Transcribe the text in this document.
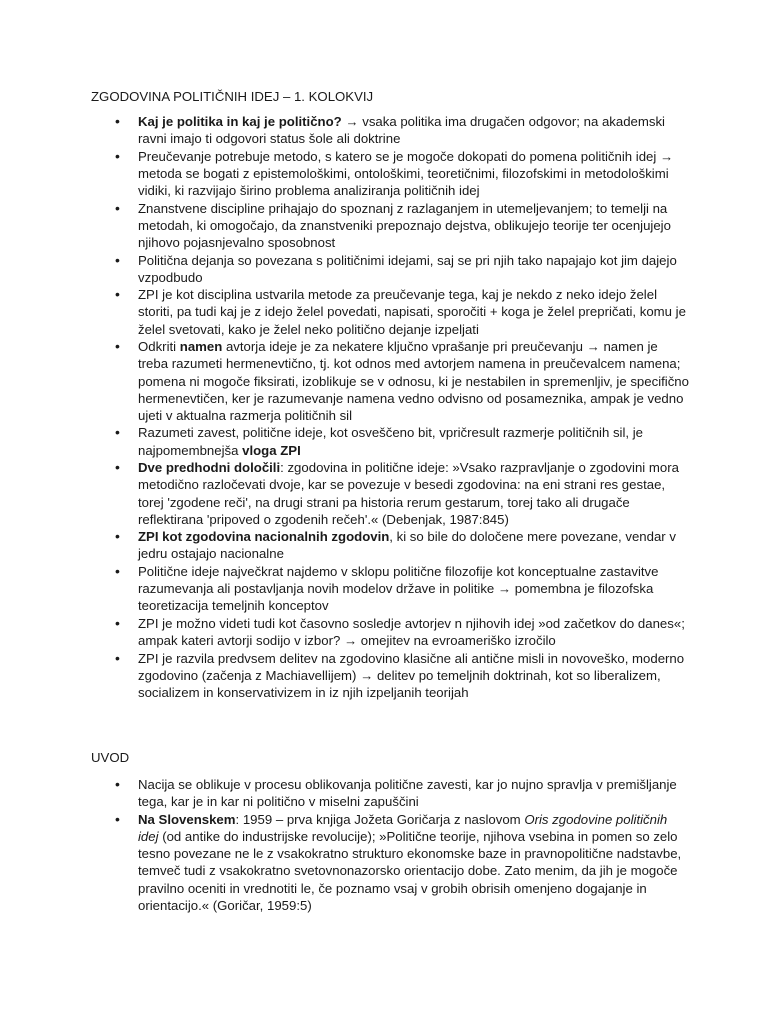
ZGODOVINA POLITIČNIH IDEJ – 1. KOLOKVIJ
• Kaj je politika in kaj je politično? → vsaka politika ima drugačen odgovor; na akademski ravni imajo ti odgovori status šole ali doktrine
• Preučevanje potrebuje metodo, s katero se je mogoče dokopati do pomena političnih idej → metoda se bogati z epistemološkimi, ontološkimi, teoretičnimi, filozofskimi in metodološkimi vidiki, ki razvijajo širino problema analiziranja političnih idej
• Znanstvene discipline prihajajo do spoznanj z razlaganjem in utemeljevanjem; to temelji na metodah, ki omogočajo, da znanstveniki prepoznajo dejstva, oblikujejo teorije ter ocenjujejo njihovo pojasnjevalno sposobnost
• Politična dejanja so povezana s političnimi idejami, saj se pri njih tako napajajo kot jim dajejo vzpodbudo
• ZPI je kot disciplina ustvarila metode za preučevanje tega, kaj je nekdo z neko idejo želel storiti, pa tudi kaj je z idejo želel povedati, napisati, sporočiti + koga je želel prepričati, komu je želel svetovati, kako je želel neko politično dejanje izpeljati
• Odkriti namen avtorja ideje je za nekatere ključno vprašanje pri preučevanju → namen je treba razumeti hermenevtično, tj. kot odnos med avtorjem namena in preučevalcem namena; pomena ni mogoče fiksirati, izoblikuje se v odnosu, ki je nestabilen in spremenljiv, je specifično hermenevtičen, ker je razumevanje namena vedno odvisno od posameznika, ampak je vedno ujeti v aktualna razmerja političnih sil
• Razumeti zavest, politične ideje, kot osveščeno bit, vpričresult razmerje političnih sil, je najpomembnejša vloga ZPI
• Dve predhodni določili: zgodovina in politične ideje: »Vsako razpravljanje o zgodovini mora metodično razločevati dvoje, kar se povezuje v besedi zgodovina: na eni strani res gestae, torej 'zgodene reči', na drugi strani pa historia rerum gestarum, torej tako ali drugače reflektirana 'pripoved o zgodenih rečeh'.« (Debenjak, 1987:845)
• ZPI kot zgodovina nacionalnih zgodovin, ki so bile do določene mere povezane, vendar v jedru ostajajo nacionalne
• Politične ideje največkrat najdemo v sklopu politične filozofije kot konceptualne zastavitve razumevanja ali postavljanja novih modelov države in politike → pomembna je filozofska teoretizacija temeljnih konceptov
• ZPI je možno videti tudi kot časovno sosledje avtorjev n njihovih idej »od začetkov do danes«; ampak kateri avtorji sodijo v izbor? → omejitev na evroameriško izročilo
• ZPI je razvila predvsem delitev na zgodovino klasične ali antične misli in novoveško, moderno zgodovino (začenja z Machiavellijem) → delitev po temeljnih doktrinah, kot so liberalizem, socializem in konservativizem in iz njih izpeljanih teorijah
UVOD
• Nacija se oblikuje v procesu oblikovanja politične zavesti, kar jo nujno spravlja v premišljanje tega, kar je in kar ni politično v miselni zapuščini
• Na Slovenskem: 1959 – prva knjiga Jožeta Goričarja z naslovom Oris zgodovine političnih idej (od antike do industrijske revolucije); »Politične teorije, njihova vsebina in pomen so zelo tesno povezane ne le z vsakokratno strukturo ekonomske baze in pravnopolitične nadstavbe, temveč tudi z vsakokratno svetovnonazorsko orientacijo dobe. Zato menim, da jih je mogoče pravilno oceniti in vrednotiti le, če poznamo vsaj v grobih obrisih omenjeno dogajanje in orientacijo.« (Goričar, 1959:5)
